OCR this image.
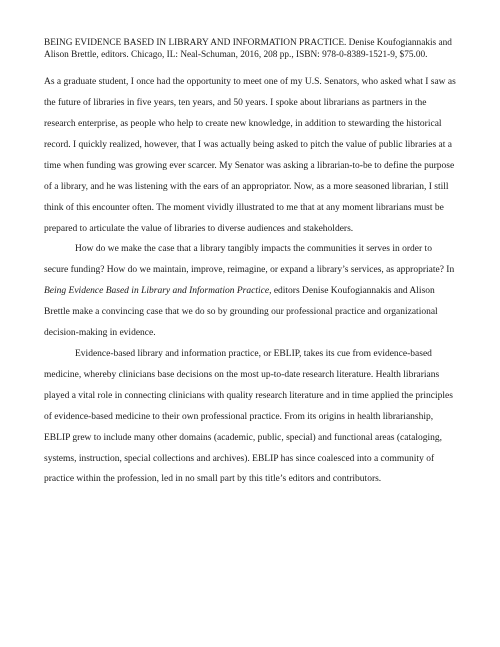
BEING EVIDENCE BASED IN LIBRARY AND INFORMATION PRACTICE. Denise Koufogiannakis and Alison Brettle, editors. Chicago, IL: Neal-Schuman, 2016, 208 pp., ISBN: 978-0-8389-1521-9, $75.00.

As a graduate student, I once had the opportunity to meet one of my U.S. Senators, who asked what I saw as the future of libraries in five years, ten years, and 50 years. I spoke about librarians as partners in the research enterprise, as people who help to create new knowledge, in addition to stewarding the historical record. I quickly realized, however, that I was actually being asked to pitch the value of public libraries at a time when funding was growing ever scarcer. My Senator was asking a librarian-to-be to define the purpose of a library, and he was listening with the ears of an appropriator. Now, as a more seasoned librarian, I still think of this encounter often. The moment vividly illustrated to me that at any moment librarians must be prepared to articulate the value of libraries to diverse audiences and stakeholders.

How do we make the case that a library tangibly impacts the communities it serves in order to secure funding? How do we maintain, improve, reimagine, or expand a library’s services, as appropriate? In Being Evidence Based in Library and Information Practice, editors Denise Koufogiannakis and Alison Brettle make a convincing case that we do so by grounding our professional practice and organizational decision-making in evidence.

Evidence-based library and information practice, or EBLIP, takes its cue from evidence-based medicine, whereby clinicians base decisions on the most up-to-date research literature. Health librarians played a vital role in connecting clinicians with quality research literature and in time applied the principles of evidence-based medicine to their own professional practice. From its origins in health librarianship, EBLIP grew to include many other domains (academic, public, special) and functional areas (cataloging, systems, instruction, special collections and archives). EBLIP has since coalesced into a community of practice within the profession, led in no small part by this title’s editors and contributors.
